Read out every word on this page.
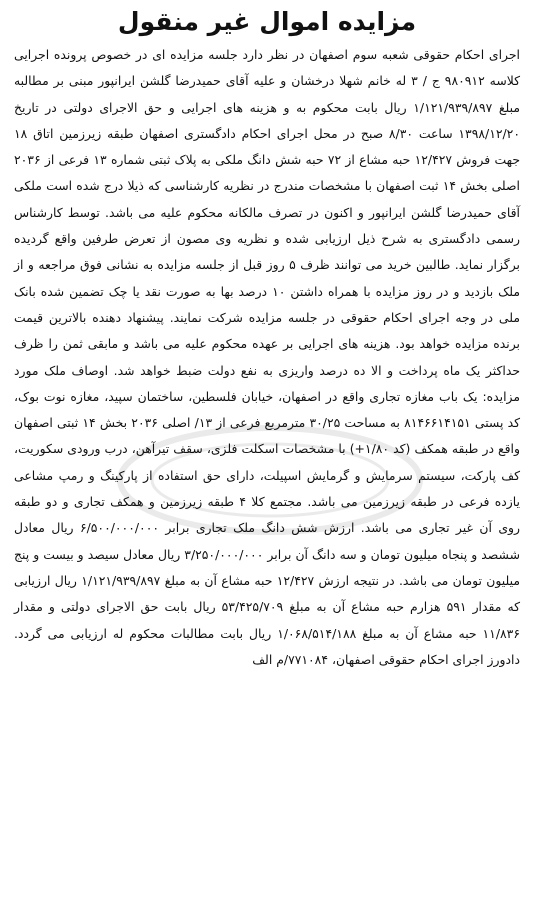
مزایده اموال غیر منقول

اجرای احکام حقوقی شعبه سوم اصفهان در نظر دارد جلسه مزایده ای در خصوص پرونده اجرایی کلاسه ۹۸۰۹۱۲ ج / ۳ له خانم شهلا درخشان و علیه آقای حمیدرضا گلشن ایرانپور مبنی بر مطالبه مبلغ ۱/۱۲۱/۹۳۹/۸۹۷ ریال بابت محکوم به و هزینه های اجرایی و حق الاجرای دولتی در تاریخ ۱۳۹۸/۱۲/۲۰ ساعت ۸/۳۰ صبح در محل اجرای احکام دادگستری اصفهان طبقه زیرزمین اتاق ۱۸ جهت فروش ۱۲/۴۲۷ حبه مشاع از ۷۲ حبه شش دانگ ملکی به پلاک ثبتی شماره ۱۳ فرعی از ۲۰۳۶ اصلی بخش ۱۴ ثبت اصفهان با مشخصات مندرج در نظریه کارشناسی که ذیلا درج شده است ملکی آقای حمیدرضا گلشن ایرانپور و اکنون در تصرف مالکانه محکوم علیه می باشد. توسط کارشناس رسمی دادگستری به شرح ذیل ارزیابی شده و نظریه وی مصون از تعرض طرفین واقع گردیده برگزار نماید. طالبین خرید می توانند ظرف ۵ روز قبل از جلسه مزایده به نشانی فوق مراجعه و از ملک بازدید و در روز مزایده با همراه داشتن ۱۰ درصد بها به صورت نقد یا چک تضمین شده بانک ملی در وجه اجرای احکام حقوقی در جلسه مزایده شرکت نمایند. پیشنهاد دهنده بالاترین قیمت برنده مزایده خواهد بود. هزینه های اجرایی بر عهده محکوم علیه می باشد و مابقی ثمن را ظرف حداکثر یک ماه پرداخت و الا ده درصد واریزی به نفع دولت ضبط خواهد شد. اوصاف ملک مورد مزایده: یک باب مغازه تجاری واقع در اصفهان، خیابان فلسطین، ساختمان سپید، مغازه نوت بوک، کد پستی ۸۱۴۶۶۱۴۱۵۱ به مساحت ۳۰/۲۵ مترمربع فرعی از ۱۳/ اصلی ۲۰۳۶ بخش ۱۴ ثبتی اصفهان واقع در طبقه همکف (کد ۱/۸۰+) با مشخصات اسکلت فلزی، سقف تیرآهن، درب ورودی سکوریت، کف پارکت، سیستم سرمایش و گرمایش اسپیلت، دارای حق استفاده از پارکینگ و رمپ مشاعی یازده فرعی در طبقه زیرزمین می باشد. مجتمع کلا ۴ طبقه زیرزمین و همکف تجاری و دو طبقه روی آن غیر تجاری می باشد. ارزش شش دانگ ملک تجاری برابر ۶/۵۰۰/۰۰۰/۰۰۰ ریال معادل ششصد و پنجاه میلیون تومان و سه دانگ آن برابر ۳/۲۵۰/۰۰۰/۰۰۰ ریال معادل سیصد و بیست و پنج میلیون تومان می باشد. در نتیجه ارزش ۱۲/۴۲۷ حبه مشاع آن به مبلغ ۱/۱۲۱/۹۳۹/۸۹۷ ریال ارزیابی که مقدار ۵۹۱ هزارم حبه مشاع آن به مبلغ ۵۳/۴۲۵/۷۰۹ ریال بابت حق الاجرای دولتی و مقدار ۱۱/۸۳۶ حبه مشاع آن به مبلغ ۱/۰۶۸/۵۱۴/۱۸۸ ریال بابت مطالبات محکوم له ارزیابی می گردد. دادورز اجرای احکام حقوقی اصفهان، ۷۷۱۰۸۴/م الف
